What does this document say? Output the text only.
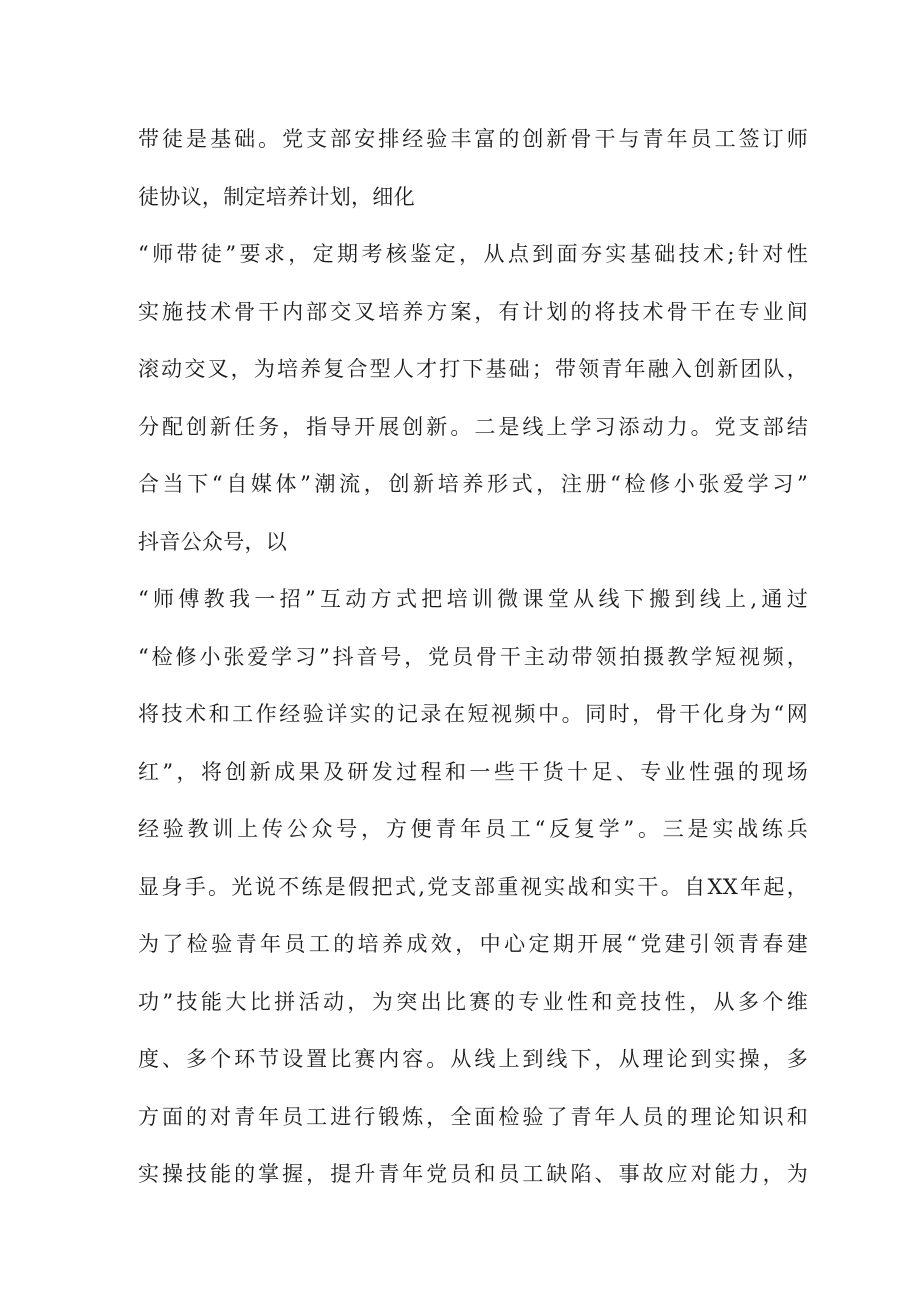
带徒是基础。党支部安排经验丰富的创新骨干与青年员工签订师
徒协议，制定培养计划，细化
“师带徒”要求，定期考核鉴定，从点到面夯实基础技术;针对性
实施技术骨干内部交叉培养方案，有计划的将技术骨干在专业间
滚动交叉，为培养复合型人才打下基础；带领青年融入创新团队，
分配创新任务，指导开展创新。二是线上学习添动力。党支部结
合当下“自媒体”潮流，创新培养形式，注册“检修小张爱学习”
抖音公众号，以
“师傅教我一招”互动方式把培训微课堂从线下搬到线上,通过
“检修小张爱学习”抖音号，党员骨干主动带领拍摄教学短视频，
将技术和工作经验详实的记录在短视频中。同时，骨干化身为“网
红”，将创新成果及研发过程和一些干货十足、专业性强的现场
经验教训上传公众号，方便青年员工“反复学”。三是实战练兵
显身手。光说不练是假把式,党支部重视实战和实干。自XX年起，
为了检验青年员工的培养成效，中心定期开展“党建引领青春建
功”技能大比拼活动，为突出比赛的专业性和竞技性，从多个维
度、多个环节设置比赛内容。从线上到线下，从理论到实操，多
方面的对青年员工进行锻炼，全面检验了青年人员的理论知识和
实操技能的掌握，提升青年党员和员工缺陷、事故应对能力，为
